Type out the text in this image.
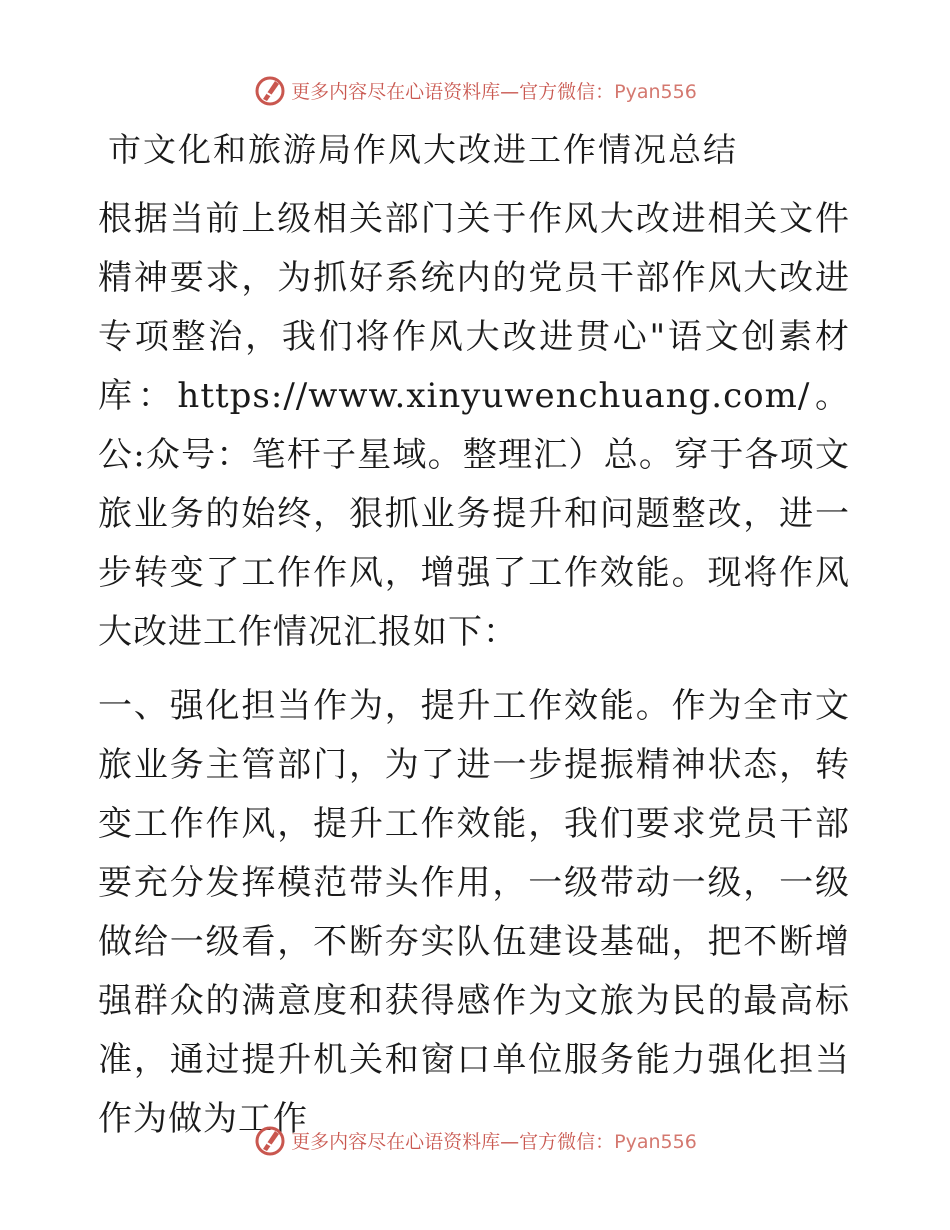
更多内容尽在心语资料库—官方微信：Pyan556
市文化和旅游局作风大改进工作情况总结
根据当前上级相关部门关于作风大改进相关文件精神要求，为抓好系统内的党员干部作风大改进专项整治，我们将作风大改进贯心"语文创素材库：https://www.xinyuwenchuang.com/。公:众号：笔杆子星域。整理汇）总。穿于各项文旅业务的始终，狠抓业务提升和问题整改，进一步转变了工作作风，增强了工作效能。现将作风大改进工作情况汇报如下：
一、强化担当作为，提升工作效能。作为全市文旅业务主管部门，为了进一步提振精神状态，转变工作作风，提升工作效能，我们要求党员干部要充分发挥模范带头作用，一级带动一级，一级做给一级看，不断夯实队伍建设基础，把不断增强群众的满意度和获得感作为文旅为民的最高标准，通过提升机关和窗口单位服务能力强化担当作为做为工作
更多内容尽在心语资料库—官方微信：Pyan556
